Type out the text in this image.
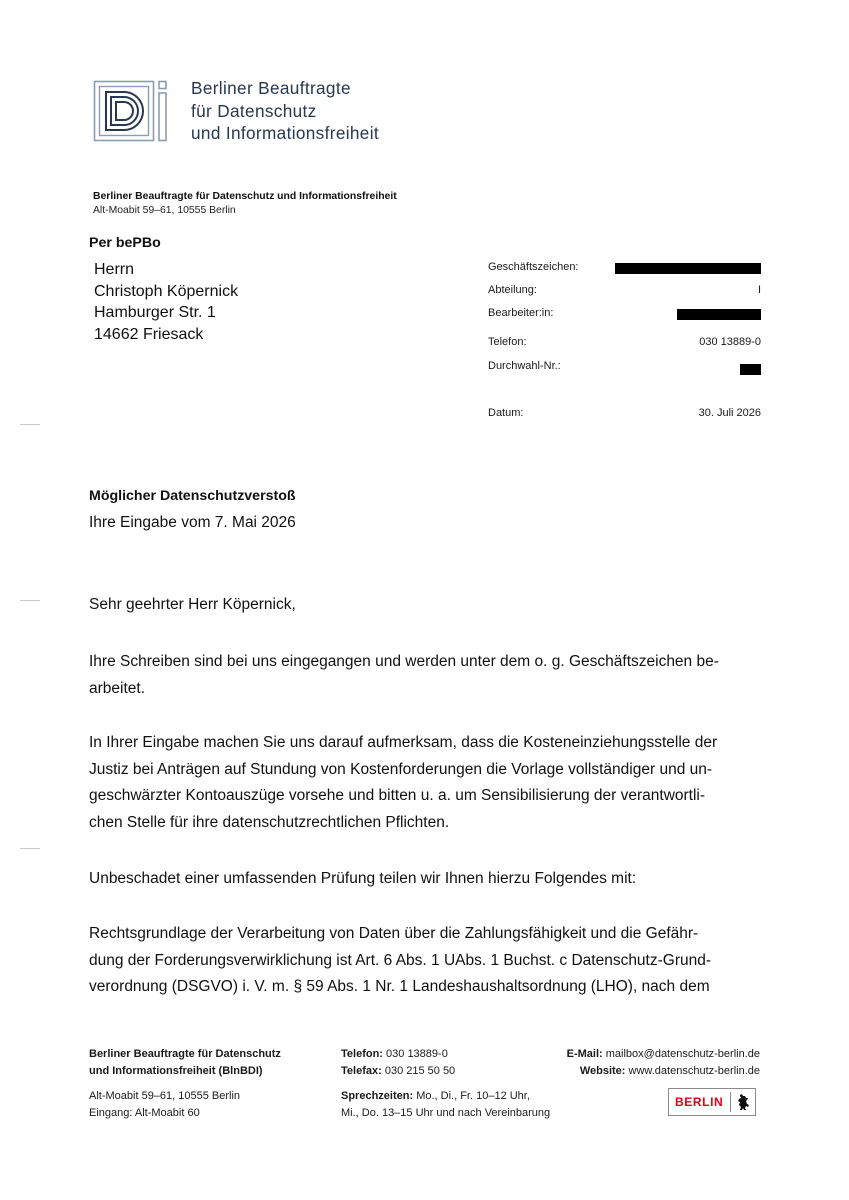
Berliner Beauftragte
für Datenschutz
und Informationsfreiheit
Berliner Beauftragte für Datenschutz und Informationsfreiheit
Alt-Moabit 59–61, 10555 Berlin
Per bePBo
Herrn
Christoph Köpernick
Hamburger Str. 1
14662 Friesack
Geschäftszeichen:
Abteilung:	I
Bearbeiter:in:
Telefon:	030 13889-0
Durchwahl-Nr.:
Datum:	30. Juli 2026
Möglicher Datenschutzverstoß
Ihre Eingabe vom 7. Mai 2026
Sehr geehrter Herr Köpernick,
Ihre Schreiben sind bei uns eingegangen und werden unter dem o. g. Geschäftszeichen be-
arbeitet.
In Ihrer Eingabe machen Sie uns darauf aufmerksam, dass die Kosteneinziehungsstelle der
Justiz bei Anträgen auf Stundung von Kostenforderungen die Vorlage vollständiger und un-
geschwärzter Kontoauszüge vorsehe und bitten u. a. um Sensibilisierung der verantwortli-
chen Stelle für ihre datenschutzrechtlichen Pflichten.
Unbeschadet einer umfassenden Prüfung teilen wir Ihnen hierzu Folgendes mit:
Rechtsgrundlage der Verarbeitung von Daten über die Zahlungsfähigkeit und die Gefähr-
dung der Forderungsverwirklichung ist Art. 6 Abs. 1 UAbs. 1 Buchst. c Datenschutz-Grund-
verordnung (DSGVO) i. V. m. § 59 Abs. 1 Nr. 1 Landeshaushaltsordnung (LHO), nach dem
Berliner Beauftragte für Datenschutz
und Informationsfreiheit (BlnBDI)
Alt-Moabit 59–61, 10555 Berlin
Eingang: Alt-Moabit 60
Telefon: 030 13889-0
Telefax: 030 215 50 50
Sprechzeiten: Mo., Di., Fr. 10–12 Uhr,
Mi., Do. 13–15 Uhr und nach Vereinbarung
E-Mail: mailbox@datenschutz-berlin.de
Website: www.datenschutz-berlin.de
BERLIN
